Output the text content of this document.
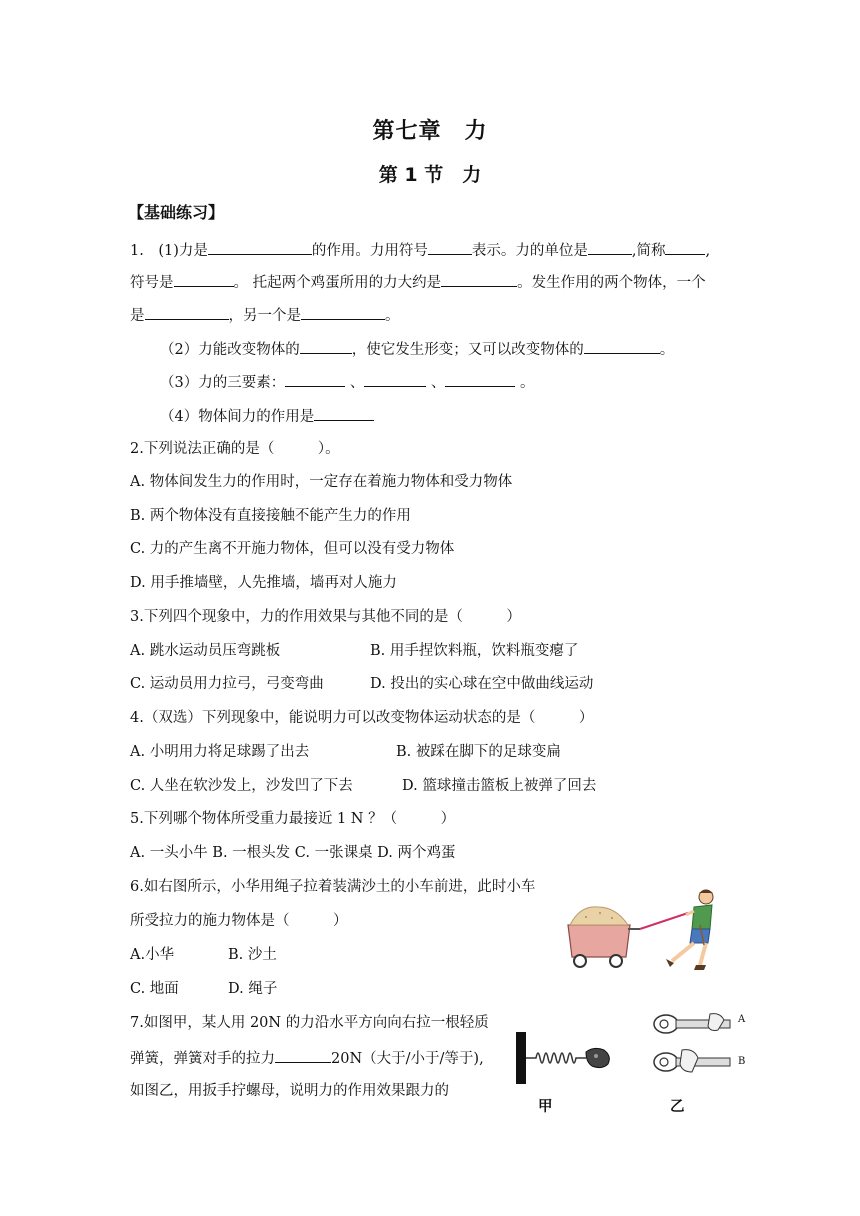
第七章　力
第 1 节　力
【基础练习】
1.　(1)力是	的作用。力用符号	表示。力的单位是	,简称	,
符号是	。 托起两个鸡蛋所用的力大约是	。发生作用的两个物体，一个
是	，另一个是	。
（2）力能改变物体的	，使它发生形变；又可以改变物体的	。
（3）力的三要素：	、	、	。
（4）物体间力的作用是
2.下列说法正确的是（　　　）。
A. 物体间发生力的作用时，一定存在着施力物体和受力物体
B. 两个物体没有直接接触不能产生力的作用
C. 力的产生离不开施力物体，但可以没有受力物体
D. 用手推墙壁，人先推墙，墙再对人施力
3.下列四个现象中，力的作用效果与其他不同的是（　　　）
A. 跳水运动员压弯跳板	B. 用手捏饮料瓶，饮料瓶变瘪了
C. 运动员用力拉弓，弓变弯曲	D. 投出的实心球在空中做曲线运动
4.（双选）下列现象中，能说明力可以改变物体运动状态的是（　　　）
A. 小明用力将足球踢了出去	B. 被踩在脚下的足球变扁
C. 人坐在软沙发上，沙发凹了下去	D. 篮球撞击篮板上被弹了回去
5.下列哪个物体所受重力最接近 1 N ？（　　　）
A. 一头小牛 B. 一根头发 C. 一张课桌 D. 两个鸡蛋
6.如右图所示，小华用绳子拉着装满沙土的小车前进，此时小车
所受拉力的施力物体是（　　　）
A.小华	B. 沙土
C. 地面	D. 绳子
7.如图甲，某人用 20N 的力沿水平方向向右拉一根轻质
弹簧，弹簧对手的拉力	20N（大于/小于/等于),
如图乙，用扳手拧螺母，说明力的作用效果跟力的
甲
A
B
乙
